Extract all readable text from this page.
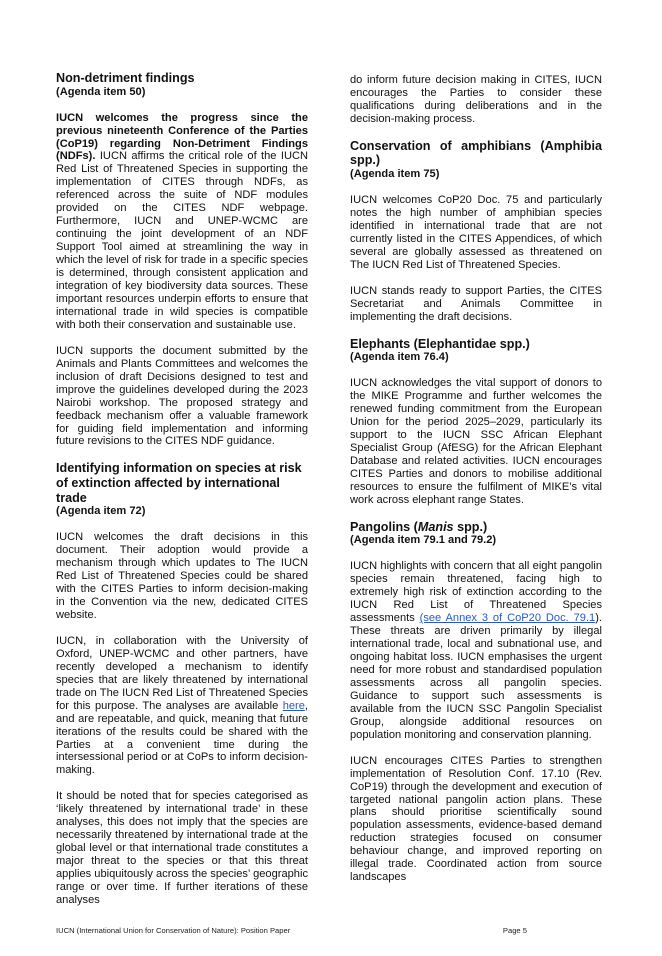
Non-detriment findings
(Agenda item 50)

IUCN welcomes the progress since the previous nineteenth Conference of the Parties (CoP19) regarding Non-Detriment Findings (NDFs). IUCN affirms the critical role of the IUCN Red List of Threatened Species in supporting the implementation of CITES through NDFs, as referenced across the suite of NDF modules provided on the CITES NDF webpage. Furthermore, IUCN and UNEP-WCMC are continuing the joint development of an NDF Support Tool aimed at streamlining the way in which the level of risk for trade in a specific species is determined, through consistent application and integration of key biodiversity data sources. These important resources underpin efforts to ensure that international trade in wild species is compatible with both their conservation and sustainable use.

IUCN supports the document submitted by the Animals and Plants Committees and welcomes the inclusion of draft Decisions designed to test and improve the guidelines developed during the 2023 Nairobi workshop. The proposed strategy and feedback mechanism offer a valuable framework for guiding field implementation and informing future revisions to the CITES NDF guidance.

Identifying information on species at risk of extinction affected by international trade
(Agenda item 72)

IUCN welcomes the draft decisions in this document. Their adoption would provide a mechanism through which updates to The IUCN Red List of Threatened Species could be shared with the CITES Parties to inform decision-making in the Convention via the new, dedicated CITES website.

IUCN, in collaboration with the University of Oxford, UNEP-WCMC and other partners, have recently developed a mechanism to identify species that are likely threatened by international trade on The IUCN Red List of Threatened Species for this purpose. The analyses are available here, and are repeatable, and quick, meaning that future iterations of the results could be shared with the Parties at a convenient time during the intersessional period or at CoPs to inform decision-making.

It should be noted that for species categorised as ‘likely threatened by international trade’ in these analyses, this does not imply that the species are necessarily threatened by international trade at the global level or that international trade constitutes a major threat to the species or that this threat applies ubiquitously across the species’ geographic range or over time. If further iterations of these analyses

do inform future decision making in CITES, IUCN encourages the Parties to consider these qualifications during deliberations and in the decision-making process.

Conservation of amphibians (Amphibia spp.)
(Agenda item 75)

IUCN welcomes CoP20 Doc. 75 and particularly notes the high number of amphibian species identified in international trade that are not currently listed in the CITES Appendices, of which several are globally assessed as threatened on The IUCN Red List of Threatened Species.

IUCN stands ready to support Parties, the CITES Secretariat and Animals Committee in implementing the draft decisions.

Elephants (Elephantidae spp.)
(Agenda item 76.4)

IUCN acknowledges the vital support of donors to the MIKE Programme and further welcomes the renewed funding commitment from the European Union for the period 2025–2029, particularly its support to the IUCN SSC African Elephant Specialist Group (AfESG) for the African Elephant Database and related activities. IUCN encourages CITES Parties and donors to mobilise additional resources to ensure the fulfilment of MIKE’s vital work across elephant range States.

Pangolins (Manis spp.)
(Agenda item 79.1 and 79.2)

IUCN highlights with concern that all eight pangolin species remain threatened, facing high to extremely high risk of extinction according to the IUCN Red List of Threatened Species assessments (see Annex 3 of CoP20 Doc. 79.1). These threats are driven primarily by illegal international trade, local and subnational use, and ongoing habitat loss. IUCN emphasises the urgent need for more robust and standardised population assessments across all pangolin species. Guidance to support such assessments is available from the IUCN SSC Pangolin Specialist Group, alongside additional resources on population monitoring and conservation planning.

IUCN encourages CITES Parties to strengthen implementation of Resolution Conf. 17.10 (Rev. CoP19) through the development and execution of targeted national pangolin action plans. These plans should prioritise scientifically sound population assessments, evidence-based demand reduction strategies focused on consumer behaviour change, and improved reporting on illegal trade. Coordinated action from source landscapes

IUCN (International Union for Conservation of Nature): Position Paper	Page 5
